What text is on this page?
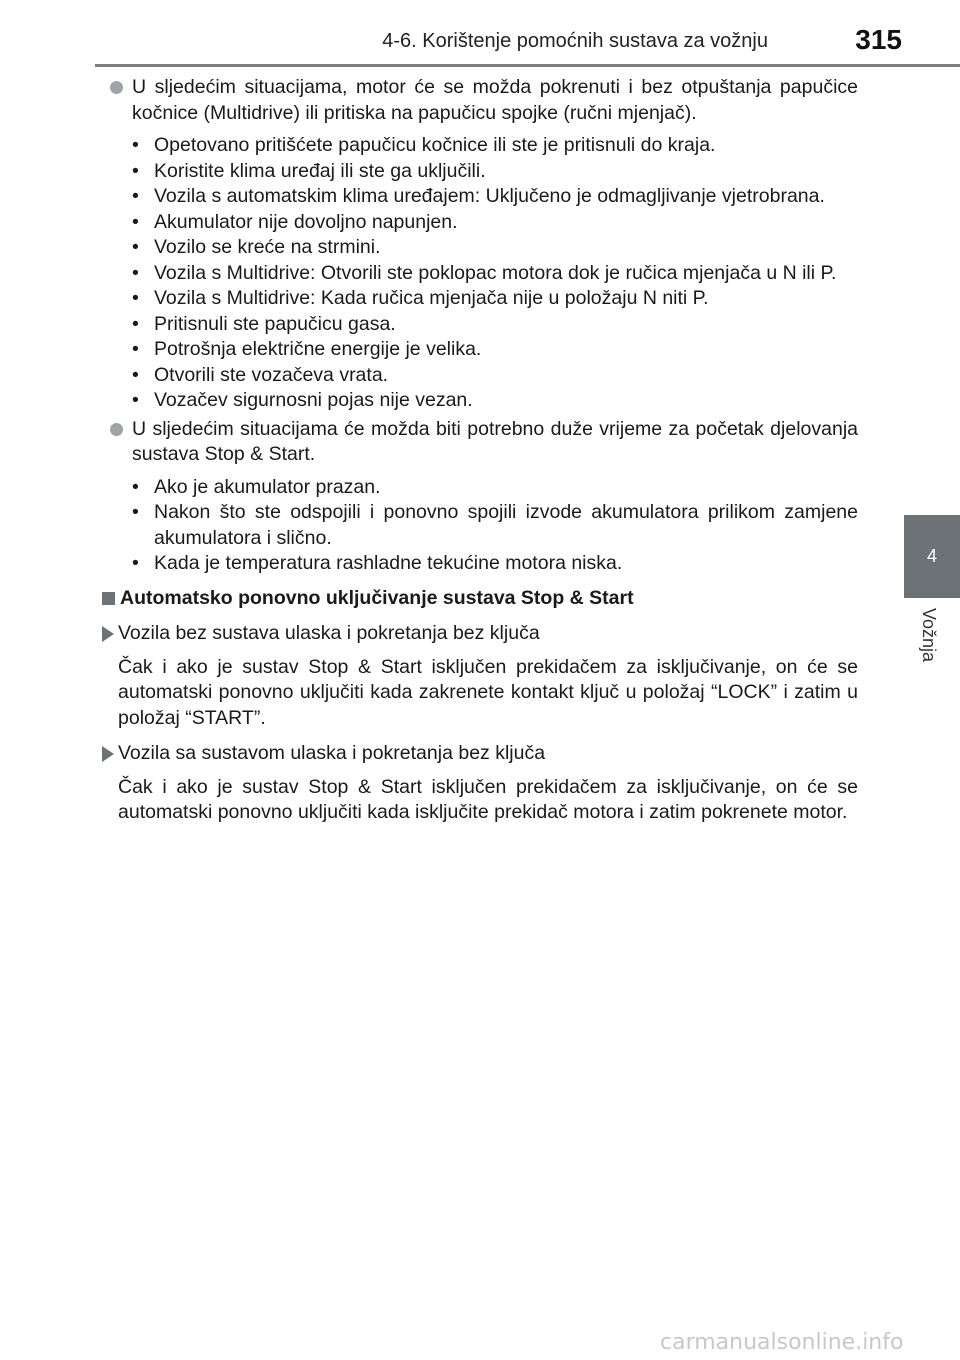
4-6. Korištenje pomoćnih sustava za vožnju	315
4
Vožnja
U sljedećim situacijama, motor će se možda pokrenuti i bez otpuštanja papučice kočnice (Multidrive) ili pritiska na papučicu spojke (ručni mjenjač).
• Opetovano pritišćete papučicu kočnice ili ste je pritisnuli do kraja.
• Koristite klima uređaj ili ste ga uključili.
• Vozila s automatskim klima uređajem: Uključeno je odmagljivanje vjetrobrana.
• Akumulator nije dovoljno napunjen.
• Vozilo se kreće na strmini.
• Vozila s Multidrive: Otvorili ste poklopac motora dok je ručica mjenjača u N ili P.
• Vozila s Multidrive: Kada ručica mjenjača nije u položaju N niti P.
• Pritisnuli ste papučicu gasa.
• Potrošnja električne energije je velika.
• Otvorili ste vozačeva vrata.
• Vozačev sigurnosni pojas nije vezan.
U sljedećim situacijama će možda biti potrebno duže vrijeme za početak djelovanja sustava Stop & Start.
• Ako je akumulator prazan.
• Nakon što ste odspojili i ponovno spojili izvode akumulatora prilikom zamjene akumulatora i slično.
• Kada je temperatura rashladne tekućine motora niska.
Automatsko ponovno uključivanje sustava Stop & Start
Vozila bez sustava ulaska i pokretanja bez ključa
Čak i ako je sustav Stop & Start isključen prekidačem za isključivanje, on će se automatski ponovno uključiti kada zakrenete kontakt ključ u položaj “LOCK” i zatim u položaj “START”.
Vozila sa sustavom ulaska i pokretanja bez ključa
Čak i ako je sustav Stop & Start isključen prekidačem za isključivanje, on će se automatski ponovno uključiti kada isključite prekidač motora i zatim pokrenete motor.
carmanualsonline.info
